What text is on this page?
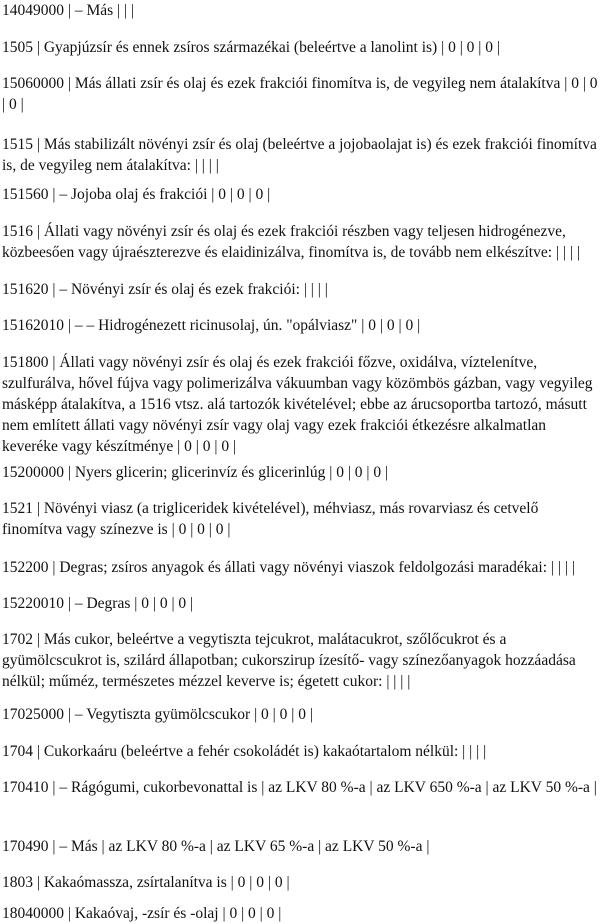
14049000 | – Más | | |

1505 | Gyapjúzsír és ennek zsíros származékai (beleértve a lanolint is) | 0 | 0 | 0 |

15060000 | Más állati zsír és olaj és ezek frakciói finomítva is, de vegyileg nem átalakítva | 0 | 0 | 0 |

1515 | Más stabilizált növényi zsír és olaj (beleértve a jojobaolajat is) és ezek frakciói finomítva is, de vegyileg nem átalakítva: | | | |

151560 | – Jojoba olaj és frakciói | 0 | 0 | 0 |

1516 | Állati vagy növényi zsír és olaj és ezek frakciói részben vagy teljesen hidrogénezve, közbeesően vagy újraészterezve és elaidinizálva, finomítva is, de tovább nem elkészítve: | | | |

151620 | – Növényi zsír és olaj és ezek frakciói: | | | |

15162010 | – – Hidrogénezett ricinusolaj, ún. "opálviasz" | 0 | 0 | 0 |

151800 | Állati vagy növényi zsír és olaj és ezek frakciói főzve, oxidálva, víztelenítve, szulfurálva, hővel fújva vagy polimerizálva vákuumban vagy közömbös gázban, vagy vegyileg másképp átalakítva, a 1516 vtsz. alá tartozók kivételével; ebbe az árucsoportba tartozó, másutt nem említett állati vagy növényi zsír vagy olaj vagy ezek frakciói étkezésre alkalmatlan keveréke vagy készítménye | 0 | 0 | 0 |

15200000 | Nyers glicerin; glicerinvíz és glicerinlúg | 0 | 0 | 0 |

1521 | Növényi viasz (a trigliceridek kivételével), méhviasz, más rovarviasz és cetvelő finomítva vagy színezve is | 0 | 0 | 0 |

152200 | Degras; zsíros anyagok és állati vagy növényi viaszok feldolgozási maradékai: | | | |

15220010 | – Degras | 0 | 0 | 0 |

1702 | Más cukor, beleértve a vegytiszta tejcukrot, malátacukrot, szőlőcukrot és a gyümölcscukrot is, szilárd állapotban; cukorszirup ízesítő- vagy színezőanyagok hozzáadása nélkül; műméz, természetes mézzel keverve is; égetett cukor: | | | |

17025000 | – Vegytiszta gyümölcscukor | 0 | 0 | 0 |

1704 | Cukorkaáru (beleértve a fehér csokoládét is) kakaótartalom nélkül: | | | |

170410 | – Rágógumi, cukorbevonattal is | az LKV 80 %-a | az LKV 650 %-a | az LKV 50 %-a |

170490 | – Más | az LKV 80 %-a | az LKV 65 %-a | az LKV 50 %-a |

1803 | Kakaómassza, zsírtalanítva is | 0 | 0 | 0 |

18040000 | Kakaóvaj, -zsír és -olaj | 0 | 0 | 0 |
